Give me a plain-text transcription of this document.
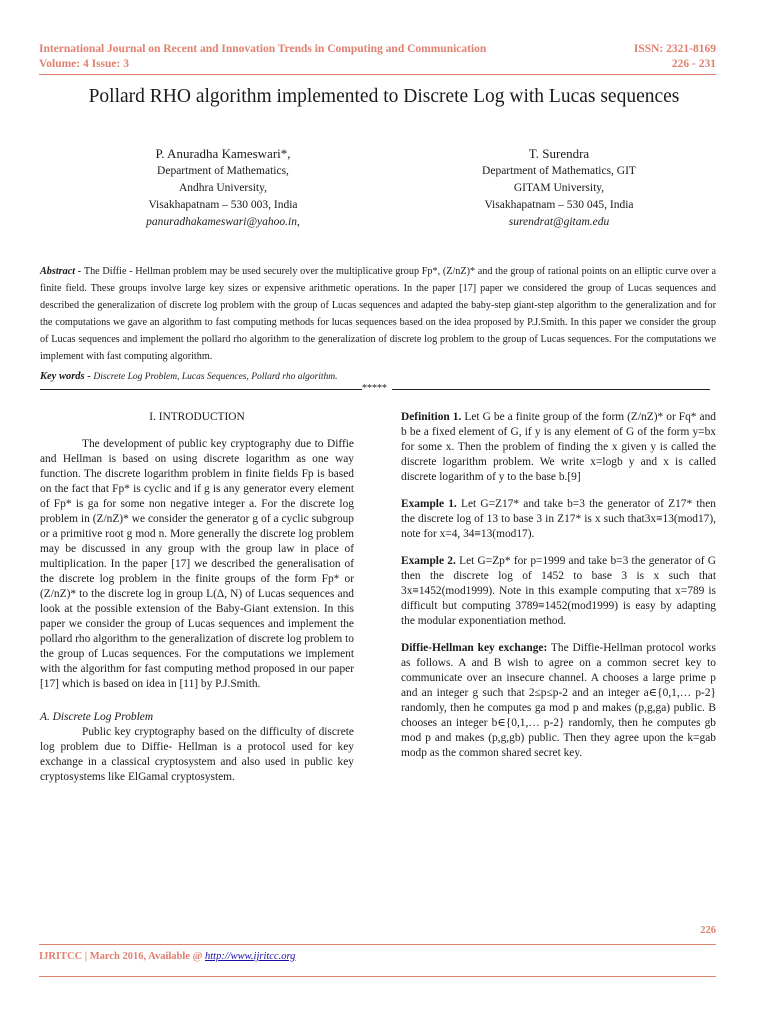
International Journal on Recent and Innovation Trends in Computing and Communication
Volume: 4 Issue: 3
ISSN: 2321-8169
226 - 231
Pollard RHO algorithm implemented to Discrete Log with Lucas sequences
P. Anuradha Kameswari*,
Department of Mathematics,
Andhra University,
Visakhapatnam – 530 003, India
panuradhakameswari@yahoo.in,
T. Surendra
Department of Mathematics, GIT
GITAM University,
Visakhapatnam – 530 045, India
surendrat@gitam.edu
Abstract - The Diffie - Hellman problem may be used securely over the multiplicative group Fp*, (Z/nZ)* and the group of rational points on an elliptic curve over a finite field. These groups involve large key sizes or expensive arithmetic operations. In the paper [17] paper we considered the group of Lucas sequences and described the generalization of discrete log problem with the group of Lucas sequences and adapted the baby-step giant-step algorithm to the generalization and for the computations we gave an algorithm to fast computing methods for lucas sequences based on the idea proposed by P.J.Smith. In this paper we consider the group of Lucas sequences and implement the pollard rho algorithm to the generalization of discrete log problem to the group of Lucas sequences. For the computations we implement with fast computing algorithm.
Key words - Discrete Log Problem, Lucas Sequences, Pollard rho algorithm.
*****

I. INTRODUCTION

The development of public key cryptography due to Diffie and Hellman is based on using discrete logarithm as one way function. The discrete logarithm problem in finite fields Fp is based on the fact that Fp* is cyclic and if g is any generator every element of Fp* is ga for some non negative integer a. For the discrete log problem in (Z/nZ)* we consider the generator g of a cyclic subgroup or a primitive root g mod n. More generally the discrete log problem may be discussed in any group with the group law in place of multiplication. In the paper [17] we described the generalisation of the discrete log problem in the finite groups of the form Fp* or (Z/nZ)* to the discrete log in group L(Δ, N) of Lucas sequences and look at the possible extension of the Baby-Giant extension. In this paper we consider the group of Lucas sequences and implement the pollard rho algorithm to the generalization of discrete log problem to the group of Lucas sequences. For the computations we implement with the algorithm for fast computing method proposed in our paper [17] which is based on idea in [11] by P.J.Smith.

A. Discrete Log Problem

Public key cryptography based on the difficulty of discrete log problem due to Diffie- Hellman is a protocol used for key exchange in a classical cryptosystem and also used in public key cryptosystems like ElGamal cryptosystem.

Definition 1. Let G be a finite group of the form (Z/nZ)* or Fq* and b be a fixed element of G, if y is any element of G of the form y=bx for some x. Then the problem of finding the x given y is called the discrete logarithm problem. We write x=logb y and x is called discrete logarithm of y to the base b.[9]

Example 1. Let G=Z17* and take b=3 the generator of Z17* then the discrete log of 13 to base 3 in Z17* is x such that3x≡13(mod17), note for x=4, 34≡13(mod17).

Example 2. Let G=Zp* for p=1999 and take b=3 the generator of G then the discrete log of 1452 to base 3 is x such that 3x≡1452(mod1999). Note in this example computing that x=789 is difficult but computing 3789≡1452(mod1999) is easy by adapting the modular exponentiation method.

Diffie-Hellman key exchange: The Diffie-Hellman protocol works as follows. A and B wish to agree on a common secret key to communicate over an insecure channel. A chooses a large prime p and an integer g such that 2≤p≤p-2 and an integer a∈{0,1,… p-2} randomly, then he computes ga mod p and makes (p,g,ga) public. B chooses an integer b∈{0,1,… p-2} randomly, then he computes gb mod p and makes (p,g,gb) public. Then they agree upon the k=gab modp as the common shared secret key.

226
IJRITCC | March 2016, Available @ http://www.ijritcc.org
